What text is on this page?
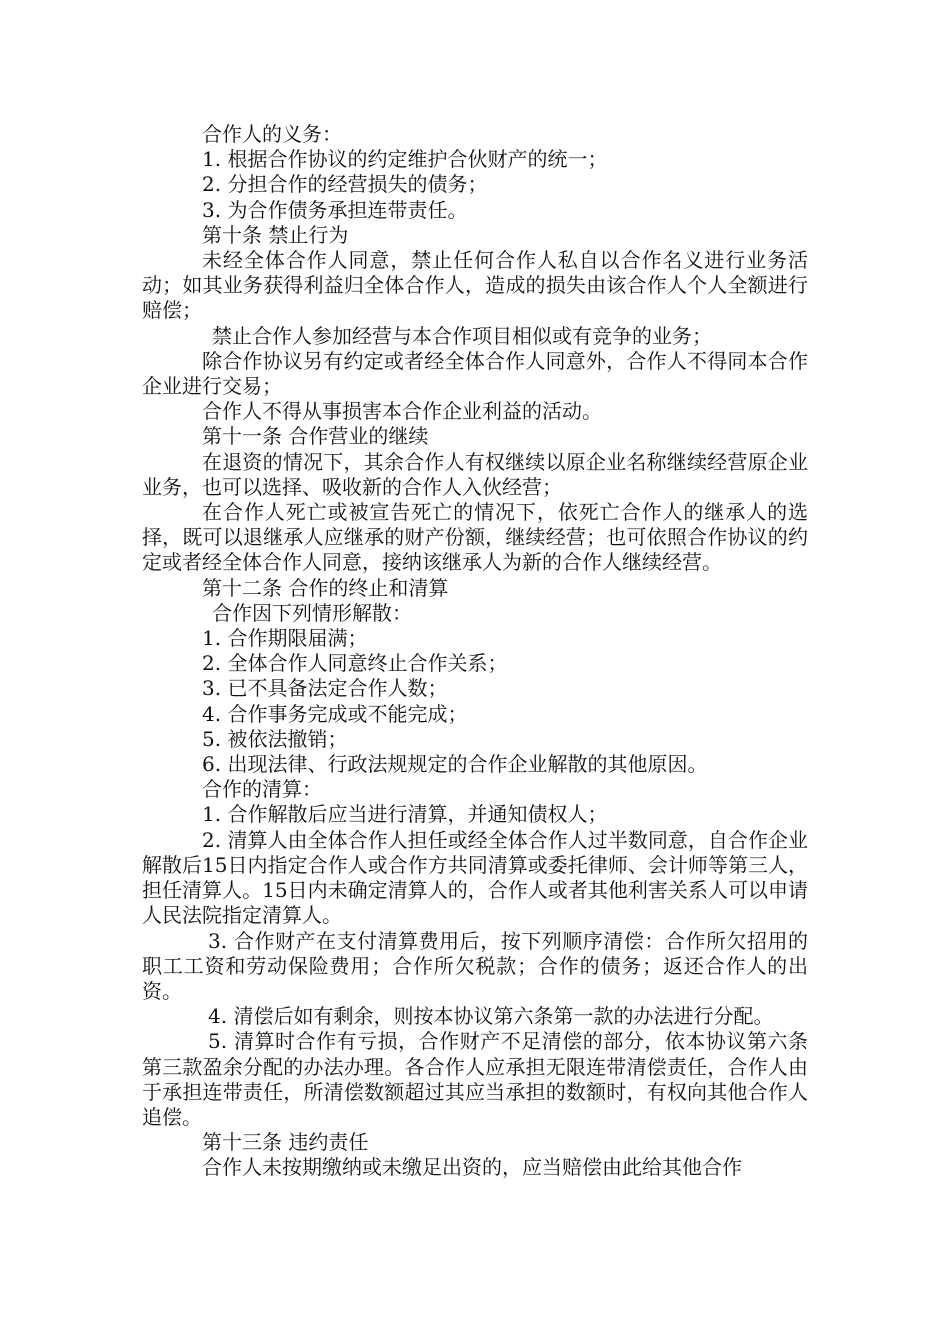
合作人的义务：

1. 根据合作协议的约定维护合伙财产的统一；

2. 分担合作的经营损失的债务；

3. 为合作债务承担连带责任。

第十条 禁止行为

未经全体合作人同意，禁止任何合作人私自以合作名义进行业务活动；如其业务获得利益归全体合作人，造成的损失由该合作人个人全额进行赔偿；

禁止合作人参加经营与本合作项目相似或有竞争的业务；

除合作协议另有约定或者经全体合作人同意外，合作人不得同本合作企业进行交易；

合作人不得从事损害本合作企业利益的活动。

第十一条 合作营业的继续

在退资的情况下，其余合作人有权继续以原企业名称继续经营原企业业务，也可以选择、吸收新的合作人入伙经营；

在合作人死亡或被宣告死亡的情况下，依死亡合作人的继承人的选择，既可以退继承人应继承的财产份额，继续经营；也可依照合作协议的约定或者经全体合作人同意，接纳该继承人为新的合作人继续经营。

第十二条 合作的终止和清算

合作因下列情形解散：

1. 合作期限届满；

2. 全体合作人同意终止合作关系；

3. 已不具备法定合作人数；

4. 合作事务完成或不能完成；

5. 被依法撤销；

6. 出现法律、行政法规规定的合作企业解散的其他原因。

合作的清算：

1. 合作解散后应当进行清算，并通知债权人；

2. 清算人由全体合作人担任或经全体合作人过半数同意，自合作企业解散后15日内指定合作人或合作方共同清算或委托律师、会计师等第三人，担任清算人。15日内未确定清算人的，合作人或者其他利害关系人可以申请人民法院指定清算人。

3. 合作财产在支付清算费用后，按下列顺序清偿：合作所欠招用的职工工资和劳动保险费用；合作所欠税款；合作的债务；返还合作人的出资。

4. 清偿后如有剩余，则按本协议第六条第一款的办法进行分配。

5. 清算时合作有亏损，合作财产不足清偿的部分，依本协议第六条第三款盈余分配的办法办理。各合作人应承担无限连带清偿责任，合作人由于承担连带责任，所清偿数额超过其应当承担的数额时，有权向其他合作人追偿。

第十三条 违约责任

合作人未按期缴纳或未缴足出资的，应当赔偿由此给其他合作
